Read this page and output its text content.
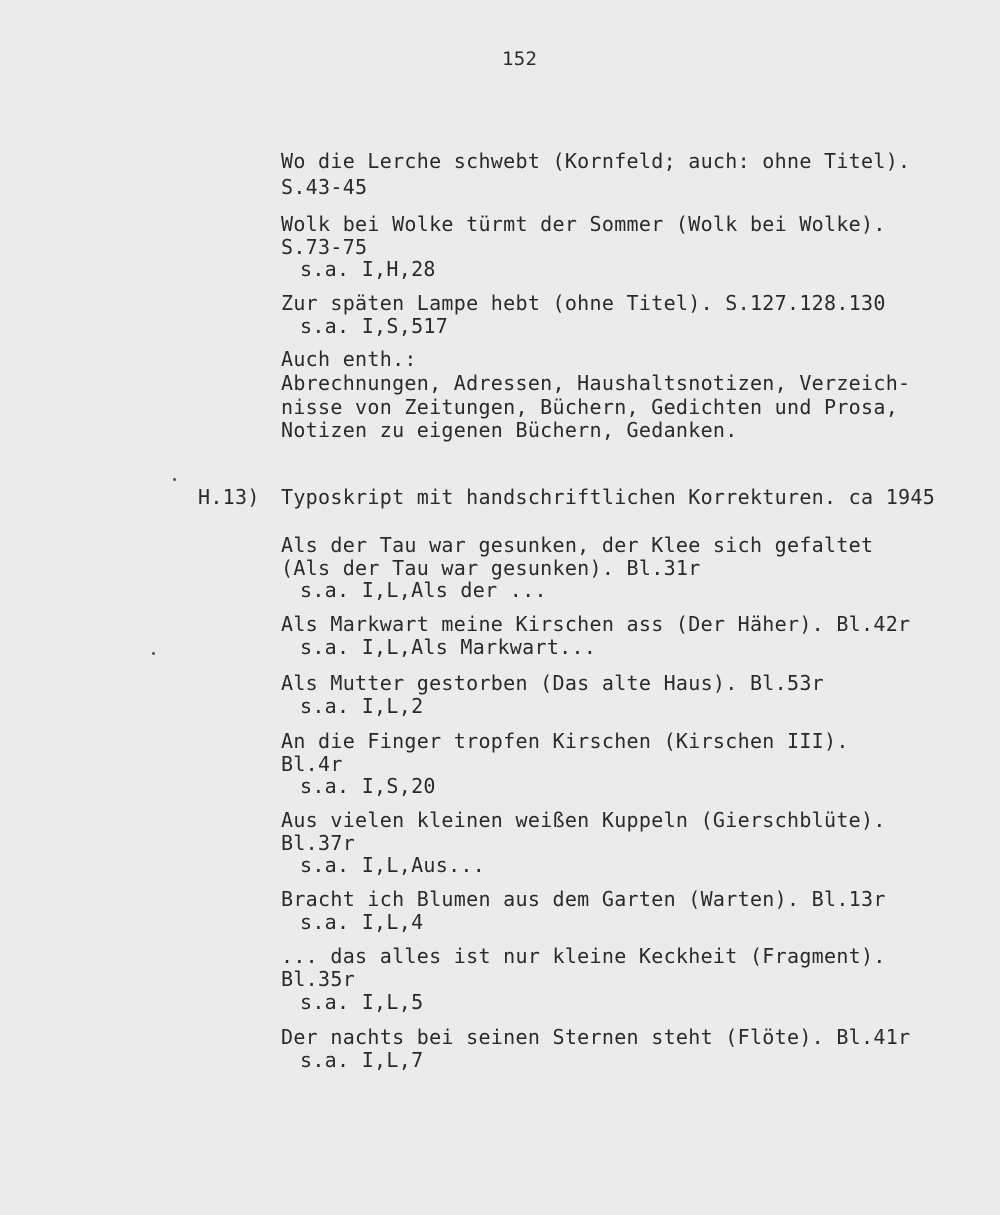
152
Wo die Lerche schwebt (Kornfeld; auch: ohne Titel).
S.43-45
Wolk bei Wolke türmt der Sommer (Wolk bei Wolke).
S.73-75
s.a. I,H,28
Zur späten Lampe hebt (ohne Titel). S.127.128.130
s.a. I,S,517
Auch enth.:
Abrechnungen, Adressen, Haushaltsnotizen, Verzeich-
nisse von Zeitungen, Büchern, Gedichten und Prosa,
Notizen zu eigenen Büchern, Gedanken.
H.13) Typoskript mit handschriftlichen Korrekturen. ca 1945
Als der Tau war gesunken, der Klee sich gefaltet
(Als der Tau war gesunken). Bl.31r
s.a. I,L,Als der ...
Als Markwart meine Kirschen ass (Der Häher). Bl.42r
s.a. I,L,Als Markwart...
Als Mutter gestorben (Das alte Haus). Bl.53r
s.a. I,L,2
An die Finger tropfen Kirschen (Kirschen III).
Bl.4r
s.a. I,S,20
Aus vielen kleinen weißen Kuppeln (Gierschblüte).
Bl.37r
s.a. I,L,Aus...
Bracht ich Blumen aus dem Garten (Warten). Bl.13r
s.a. I,L,4
... das alles ist nur kleine Keckheit (Fragment).
Bl.35r
s.a. I,L,5
Der nachts bei seinen Sternen steht (Flöte). Bl.41r
s.a. I,L,7
